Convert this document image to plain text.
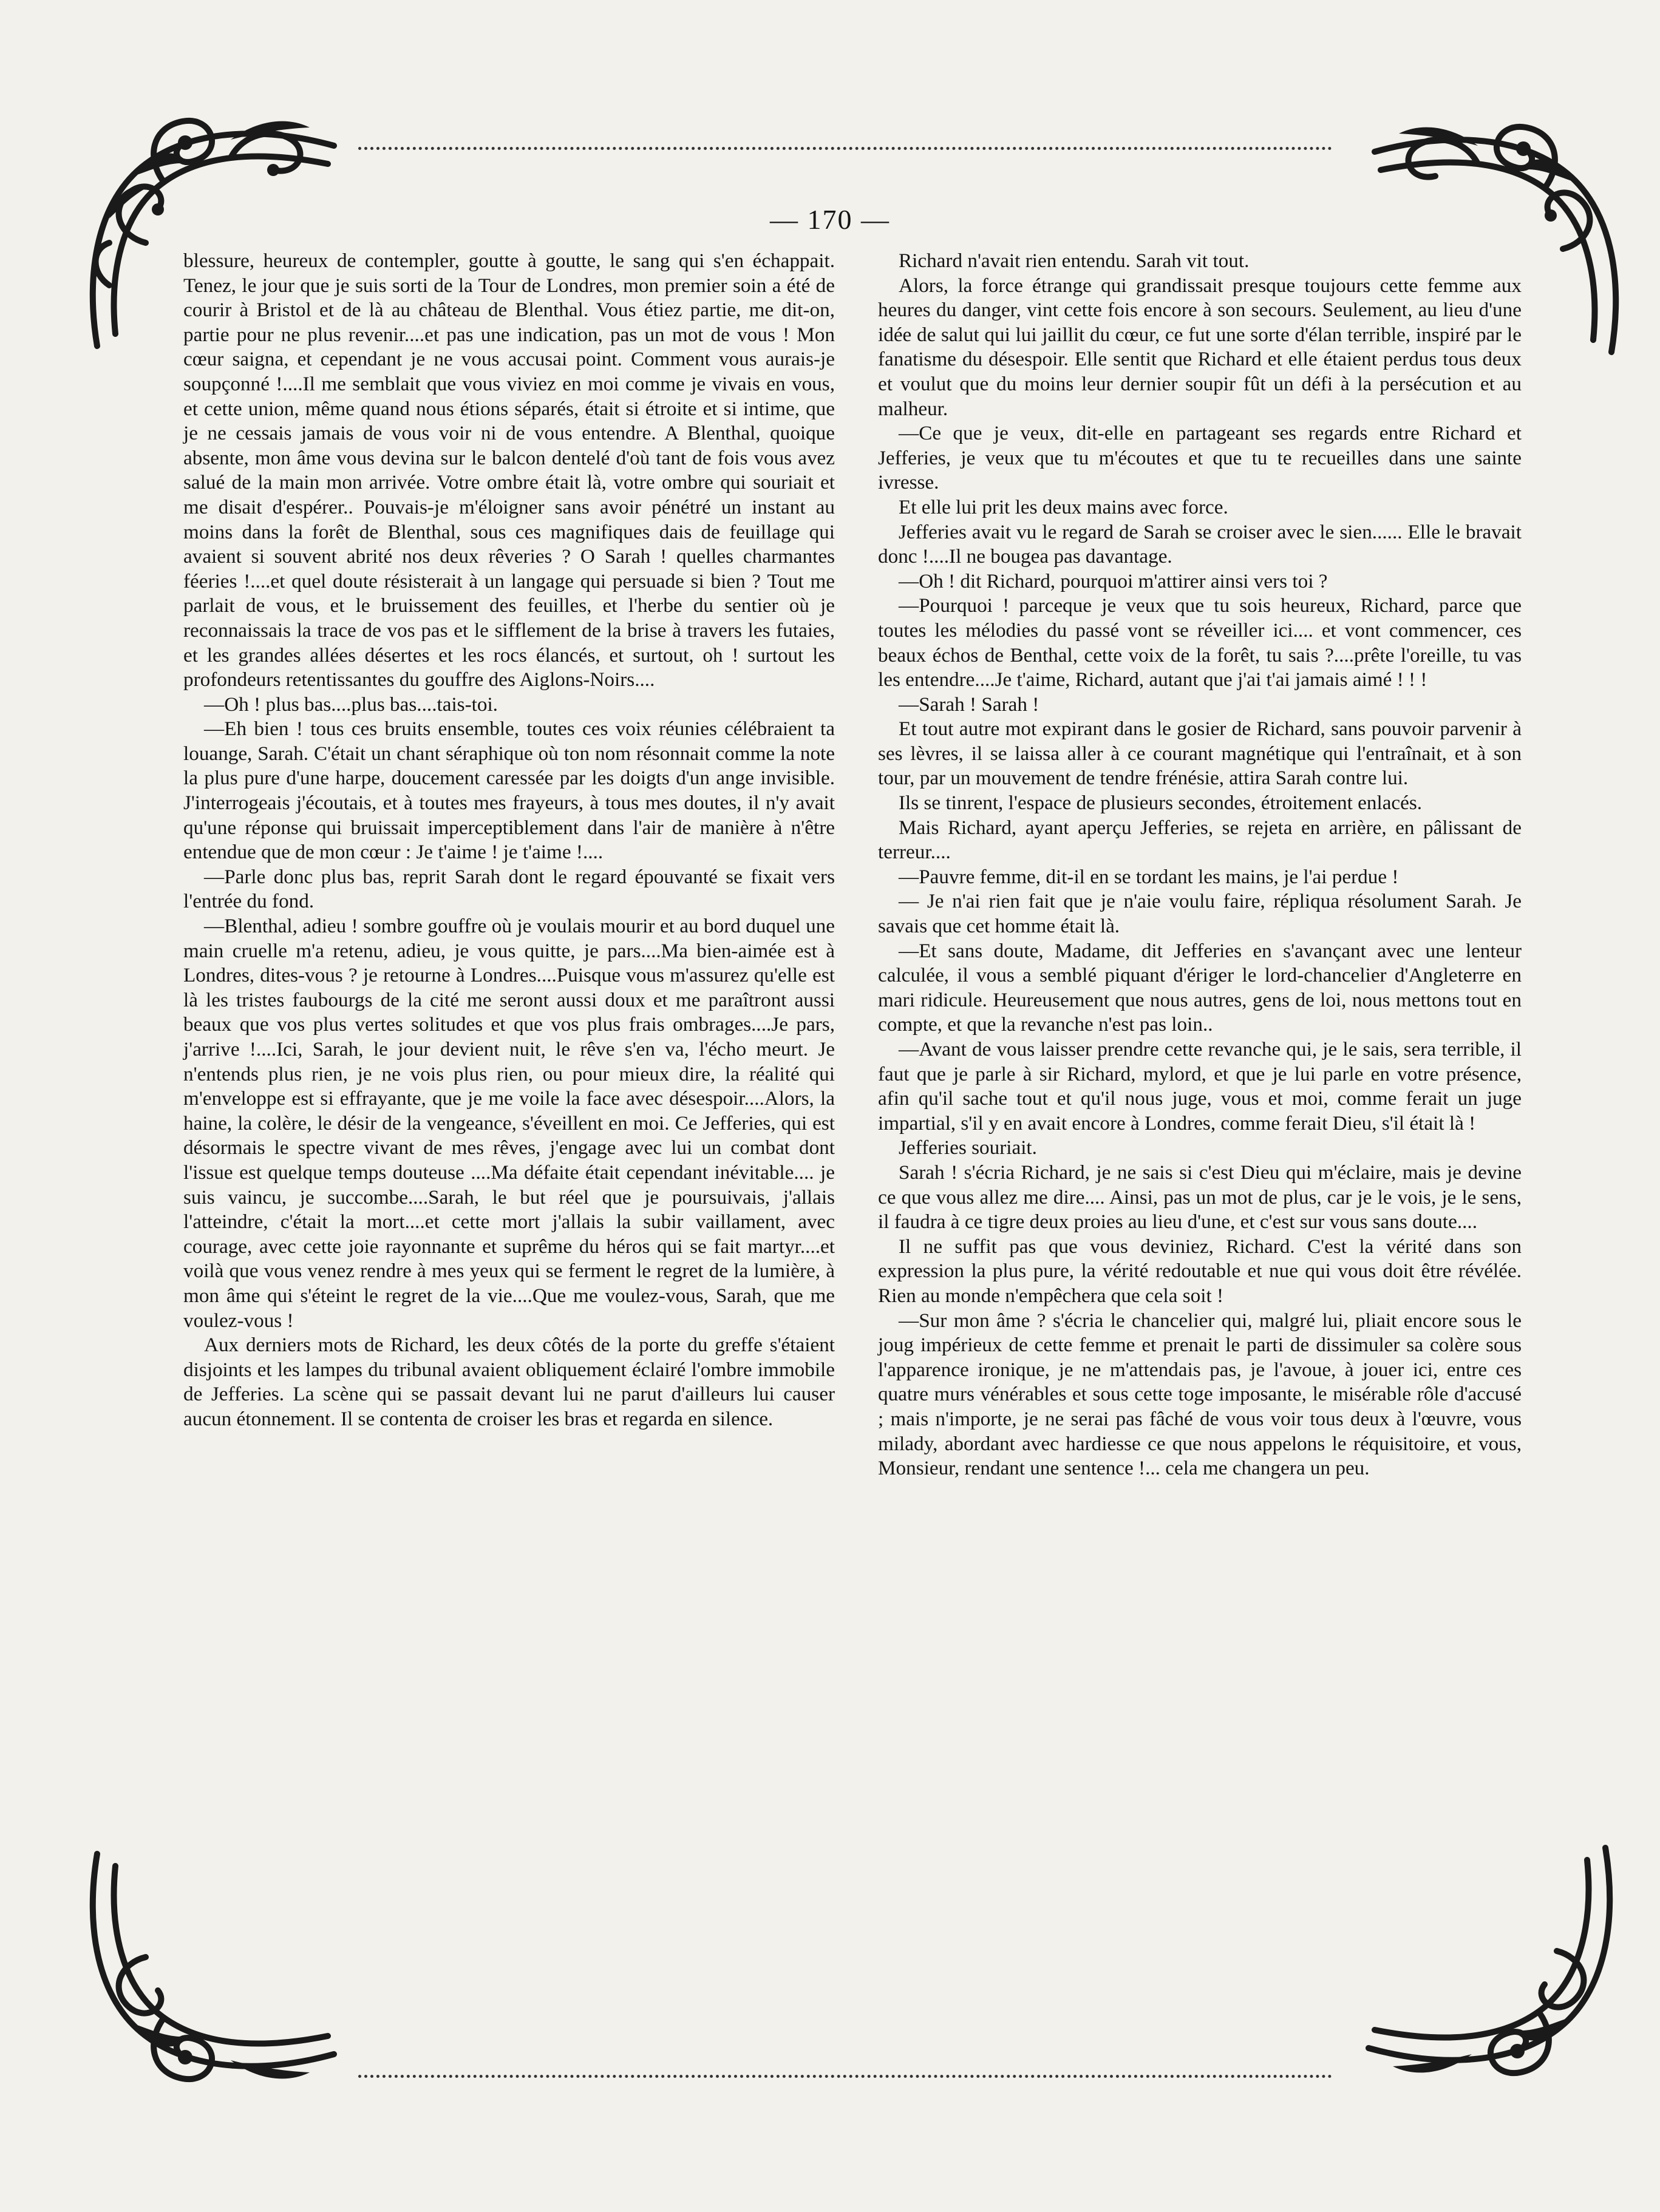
— 170 —

blessure, heureux de contempler, goutte à goutte, le sang qui s'en échappait. Tenez, le jour que je suis sorti de la Tour de Londres, mon premier soin a été de courir à Bristol et de là au château de Blenthal. Vous étiez partie, me dit-on, partie pour ne plus revenir....et pas une indication, pas un mot de vous ! Mon cœur saigna, et cependant je ne vous accusai point. Comment vous aurais-je soupçonné !....Il me semblait que vous viviez en moi comme je vivais en vous, et cette union, même quand nous étions séparés, était si étroite et si intime, que je ne cessais jamais de vous voir ni de vous entendre. A Blenthal, quoique absente, mon âme vous devina sur le balcon dentelé d'où tant de fois vous avez salué de la main mon arrivée. Votre ombre était là, votre ombre qui souriait et me disait d'espérer.. Pouvais-je m'éloigner sans avoir pénétré un instant au moins dans la forêt de Blenthal, sous ces magnifiques dais de feuillage qui avaient si souvent abrité nos deux rêveries ? O Sarah ! quelles charmantes féeries !....et quel doute résisterait à un langage qui persuade si bien ? Tout me parlait de vous, et le bruissement des feuilles, et l'herbe du sentier où je reconnaissais la trace de vos pas et le sifflement de la brise à travers les futaies, et les grandes allées désertes et les rocs élancés, et surtout, oh ! surtout les profondeurs retentissantes du gouffre des Aiglons-Noirs....

—Oh ! plus bas....plus bas....tais-toi.

—Eh bien ! tous ces bruits ensemble, toutes ces voix réunies célébraient ta louange, Sarah. C'était un chant séraphique où ton nom résonnait comme la note la plus pure d'une harpe, doucement caressée par les doigts d'un ange invisible. J'interrogeais j'écoutais, et à toutes mes frayeurs, à tous mes doutes, il n'y avait qu'une réponse qui bruissait imperceptiblement dans l'air de manière à n'être entendue que de mon cœur : Je t'aime ! je t'aime !....

—Parle donc plus bas, reprit Sarah dont le regard épouvanté se fixait vers l'entrée du fond.

—Blenthal, adieu ! sombre gouffre où je voulais mourir et au bord duquel une main cruelle m'a retenu, adieu, je vous quitte, je pars....Ma bien-aimée est à Londres, dites-vous ? je retourne à Londres....Puisque vous m'assurez qu'elle est là les tristes faubourgs de la cité me seront aussi doux et me paraîtront aussi beaux que vos plus vertes solitudes et que vos plus frais ombrages....Je pars, j'arrive !....Ici, Sarah, le jour devient nuit, le rêve s'en va, l'écho meurt. Je n'entends plus rien, je ne vois plus rien, ou pour mieux dire, la réalité qui m'enveloppe est si effrayante, que je me voile la face avec désespoir....Alors, la haine, la colère, le désir de la vengeance, s'éveillent en moi. Ce Jefferies, qui est désormais le spectre vivant de mes rêves, j'engage avec lui un combat dont l'issue est quelque temps douteuse ....Ma défaite était cependant inévitable.... je suis vaincu, je succombe....Sarah, le but réel que je poursuivais, j'allais l'atteindre, c'était la mort....et cette mort j'allais la subir vaillament, avec courage, avec cette joie rayonnante et suprême du héros qui se fait martyr....et voilà que vous venez rendre à mes yeux qui se ferment le regret de la lumière, à mon âme qui s'éteint le regret de la vie....Que me voulez-vous, Sarah, que me voulez-vous !

Aux derniers mots de Richard, les deux côtés de la porte du greffe s'étaient disjoints et les lampes du tribunal avaient obliquement éclairé l'ombre immobile de Jefferies. La scène qui se passait devant lui ne parut d'ailleurs lui causer aucun étonnement. Il se contenta de croiser les bras et regarda en silence.

Richard n'avait rien entendu. Sarah vit tout.

Alors, la force étrange qui grandissait presque toujours cette femme aux heures du danger, vint cette fois encore à son secours. Seulement, au lieu d'une idée de salut qui lui jaillit du cœur, ce fut une sorte d'élan terrible, inspiré par le fanatisme du désespoir. Elle sentit que Richard et elle étaient perdus tous deux et voulut que du moins leur dernier soupir fût un défi à la persécution et au malheur.

—Ce que je veux, dit-elle en partageant ses regards entre Richard et Jefferies, je veux que tu m'écoutes et que tu te recueilles dans une sainte ivresse.

Et elle lui prit les deux mains avec force.

Jefferies avait vu le regard de Sarah se croiser avec le sien...... Elle le bravait donc !....Il ne bougea pas davantage.

—Oh ! dit Richard, pourquoi m'attirer ainsi vers toi ?

—Pourquoi ! parceque je veux que tu sois heureux, Richard, parce que toutes les mélodies du passé vont se réveiller ici.... et vont commencer, ces beaux échos de Benthal, cette voix de la forêt, tu sais ?....prête l'oreille, tu vas les entendre....Je t'aime, Richard, autant que j'ai t'ai jamais aimé ! ! !

—Sarah ! Sarah !

Et tout autre mot expirant dans le gosier de Richard, sans pouvoir parvenir à ses lèvres, il se laissa aller à ce courant magnétique qui l'entraînait, et à son tour, par un mouvement de tendre frénésie, attira Sarah contre lui.

Ils se tinrent, l'espace de plusieurs secondes, étroitement enlacés.

Mais Richard, ayant aperçu Jefferies, se rejeta en arrière, en pâlissant de terreur....

—Pauvre femme, dit-il en se tordant les mains, je l'ai perdue !

— Je n'ai rien fait que je n'aie voulu faire, répliqua résolument Sarah. Je savais que cet homme était là.

—Et sans doute, Madame, dit Jefferies en s'avançant avec une lenteur calculée, il vous a semblé piquant d'ériger le lord-chancelier d'Angleterre en mari ridicule. Heureusement que nous autres, gens de loi, nous mettons tout en compte, et que la revanche n'est pas loin..

—Avant de vous laisser prendre cette revanche qui, je le sais, sera terrible, il faut que je parle à sir Richard, mylord, et que je lui parle en votre présence, afin qu'il sache tout et qu'il nous juge, vous et moi, comme ferait un juge impartial, s'il y en avait encore à Londres, comme ferait Dieu, s'il était là !

Jefferies souriait.

Sarah ! s'écria Richard, je ne sais si c'est Dieu qui m'éclaire, mais je devine ce que vous allez me dire.... Ainsi, pas un mot de plus, car je le vois, je le sens, il faudra à ce tigre deux proies au lieu d'une, et c'est sur vous sans doute....

Il ne suffit pas que vous deviniez, Richard. C'est la vérité dans son expression la plus pure, la vérité redoutable et nue qui vous doit être révélée. Rien au monde n'empêchera que cela soit !

—Sur mon âme ? s'écria le chancelier qui, malgré lui, pliait encore sous le joug impérieux de cette femme et prenait le parti de dissimuler sa colère sous l'apparence ironique, je ne m'attendais pas, je l'avoue, à jouer ici, entre ces quatre murs vénérables et sous cette toge imposante, le misérable rôle d'accusé ; mais n'importe, je ne serai pas fâché de vous voir tous deux à l'œuvre, vous milady, abordant avec hardiesse ce que nous appelons le réquisitoire, et vous, Monsieur, rendant une sentence !... cela me changera un peu.
